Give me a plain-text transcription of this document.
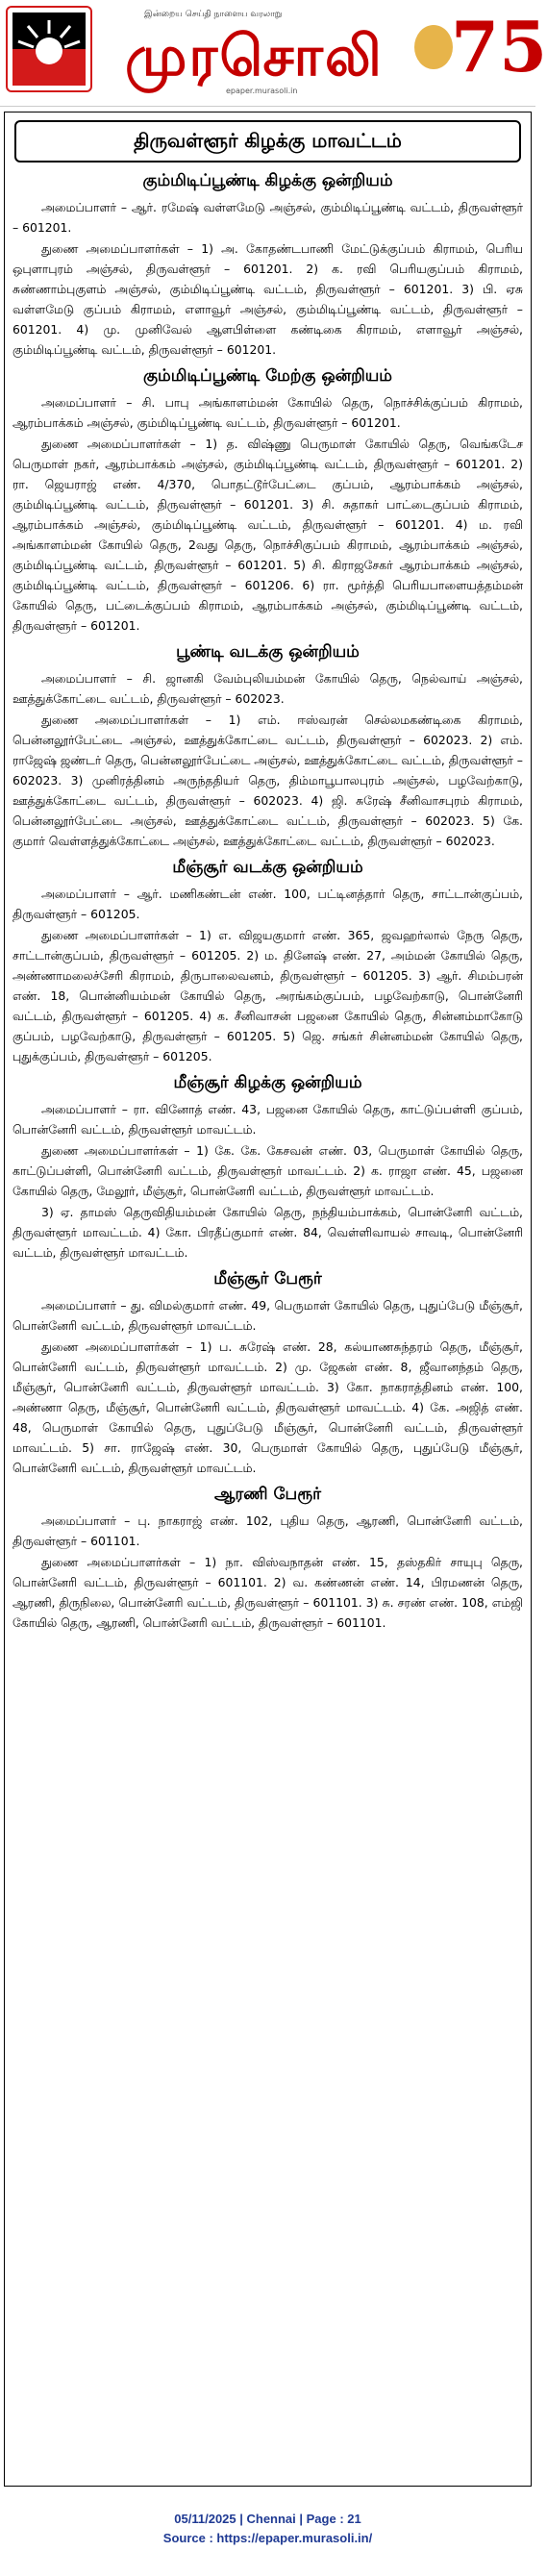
இன்றைய செய்தி நாளைய வரலாறு
முரசொலி
epaper.murasoli.in
75
திருவள்ளூர் கிழக்கு மாவட்டம்
கும்மிடிப்பூண்டி கிழக்கு ஒன்றியம்

அமைப்பாளர் – ஆர். ரமேஷ் வள்ளமேடு அஞ்சல், கும்மிடிப்பூண்டி வட்டம், திருவள்ளூர் – 601201.

துணை அமைப்பாளர்கள் – 1) அ. கோதண்டபாணி மேட்டுக்குப்பம் கிராமம், பெரிய ஒபுளாபுரம் அஞ்சல், திருவள்ளூர் – 601201. 2) க. ரவி பெரியகுப்பம் கிராமம், சுண்ணாம்புகுளம் அஞ்சல், கும்மிடிப்பூண்டி வட்டம், திருவள்ளூர் – 601201. 3) பி. ஏசு வள்ளமேடு குப்பம் கிராமம், எளாவூர் அஞ்சல், கும்மிடிப்பூண்டி வட்டம், திருவள்ளூர் – 601201. 4) மு. முனிவேல் ஆளபிள்ளை கண்டிகை கிராமம், எளாவூர் அஞ்சல், கும்மிடிப்பூண்டி வட்டம், திருவள்ளூர் – 601201.

கும்மிடிப்பூண்டி மேற்கு ஒன்றியம்

அமைப்பாளர் – சி. பாபு அங்காளம்மன் கோயில் தெரு, நொச்சிக்குப்பம் கிராமம், ஆரம்பாக்கம் அஞ்சல், கும்மிடிப்பூண்டி வட்டம், திருவள்ளூர் – 601201.

துணை அமைப்பாளர்கள் – 1) த. விஷ்ணு பெருமாள் கோயில் தெரு, வெங்கடேச பெருமாள் நகர், ஆரம்பாக்கம் அஞ்சல், கும்மிடிப்பூண்டி வட்டம், திருவள்ளூர் – 601201. 2) ரா. ஜெயராஜ் எண். 4/370, பொதட்டூர்பேட்டை குப்பம், ஆரம்பாக்கம் அஞ்சல், கும்மிடிப்பூண்டி வட்டம், திருவள்ளூர் – 601201. 3) சி. சுதாகர் பாட்டைகுப்பம் கிராமம், ஆரம்பாக்கம் அஞ்சல், கும்மிடிப்பூண்டி வட்டம், திருவள்ளூர் – 601201. 4) ம. ரவி அங்காளம்மன் கோயில் தெரு, 2வது தெரு, நொச்சிகுப்பம் கிராமம், ஆரம்பாக்கம் அஞ்சல், கும்மிடிப்பூண்டி வட்டம், திருவள்ளூர் – 601201. 5) சி. கிராஜசேகர் ஆரம்பாக்கம் அஞ்சல், கும்மிடிப்பூண்டி வட்டம், திருவள்ளூர் – 601206. 6) ரா. மூர்த்தி பெரியபாளையத்தம்மன் கோயில் தெரு, பட்டைக்குப்பம் கிராமம், ஆரம்பாக்கம் அஞ்சல், கும்மிடிப்பூண்டி வட்டம், திருவள்ளூர் – 601201.

பூண்டி வடக்கு ஒன்றியம்

அமைப்பாளர் – சி. ஜானகி வேம்புலியம்மன் கோயில் தெரு, நெல்வாய் அஞ்சல், ஊத்துக்கோட்டை வட்டம், திருவள்ளூர் – 602023.

துணை அமைப்பாளர்கள் – 1) எம். ஈஸ்வரன் செல்லமகண்டிகை கிராமம், பென்னலூர்பேட்டை அஞ்சல், ஊத்துக்கோட்டை வட்டம், திருவள்ளூர் – 602023. 2) எம். ராஜேஷ் ஜண்டர் தெரு, பென்னலூர்பேட்டை அஞ்சல், ஊத்துக்கோட்டை வட்டம், திருவள்ளூர் – 602023. 3) முனிரத்தினம் அருந்ததியர் தெரு, திம்மாபூபாலபுரம் அஞ்சல், பழவேற்காடு, ஊத்துக்கோட்டை வட்டம், திருவள்ளூர் – 602023. 4) ஜி. சுரேஷ் சீனிவாசபுரம் கிராமம், பென்னலூர்பேட்டை அஞ்சல், ஊத்துக்கோட்டை வட்டம், திருவள்ளூர் – 602023. 5) கே. குமார் வெள்ளத்துக்கோட்டை அஞ்சல், ஊத்துக்கோட்டை வட்டம், திருவள்ளூர் – 602023.

மீஞ்சூர் வடக்கு ஒன்றியம்

அமைப்பாளர் – ஆர். மணிகண்டன் எண். 100, பட்டினத்தார் தெரு, சாட்டான்குப்பம், திருவள்ளூர் – 601205.

துணை அமைப்பாளர்கள் – 1) எ. விஜயகுமார் எண். 365, ஜவஹர்லால் நேரு தெரு, சாட்டான்குப்பம், திருவள்ளூர் – 601205. 2) ம. தினேஷ் எண். 27, அம்மன் கோயில் தெரு, அண்ணாமலைச்சேரி கிராமம், திருபாலைவனம், திருவள்ளூர் – 601205. 3) ஆர். சிமம்பரன் எண். 18, பொன்னியம்மன் கோயில் தெரு, அரங்கம்குப்பம், பழவேற்காடு, பொன்னேரி வட்டம், திருவள்ளூர் – 601205. 4) க. சீனிவாசன் பஜனை கோயில் தெரு, சின்னம்மாகோடு குப்பம், பழவேற்காடு, திருவள்ளூர் – 601205. 5) ஜெ. சங்கர் சின்னம்மன் கோயில் தெரு, புதுக்குப்பம், திருவள்ளூர் – 601205.

மீஞ்சூர் கிழக்கு ஒன்றியம்

அமைப்பாளர் – ரா. வினோத் எண். 43, பஜனை கோயில் தெரு, காட்டுப்பள்ளி குப்பம், பொன்னேரி வட்டம், திருவள்ளூர் மாவட்டம்.

துணை அமைப்பாளர்கள் – 1) கே. கே. கேசவன் எண். 03, பெருமாள் கோயில் தெரு, காட்டுப்பள்ளி, பொன்னேரி வட்டம், திருவள்ளூர் மாவட்டம். 2) க. ராஜா எண். 45, பஜனை கோயில் தெரு, மேலூர், மீஞ்சூர், பொன்னேரி வட்டம், திருவள்ளூர் மாவட்டம்.

3) ஏ. தாமஸ் தெருவிதியம்மன் கோயில் தெரு, நந்தியம்பாக்கம், பொன்னேரி வட்டம், திருவள்ளூர் மாவட்டம். 4) கோ. பிரதீப்குமார் எண். 84, வெள்ளிவாயல் சாவடி, பொன்னேரி வட்டம், திருவள்ளூர் மாவட்டம்.

மீஞ்சூர் பேரூர்

அமைப்பாளர் – து. விமல்குமார் எண். 49, பெருமாள் கோயில் தெரு, புதுப்பேடு மீஞ்சூர், பொன்னேரி வட்டம், திருவள்ளூர் மாவட்டம்.

துணை அமைப்பாளர்கள் – 1) ப. சுரேஷ் எண். 28, கல்யாணசுந்தரம் தெரு, மீஞ்சூர், பொன்னேரி வட்டம், திருவள்ளூர் மாவட்டம். 2) மு. ஜேகன் எண். 8, ஜீவானந்தம் தெரு, மீஞ்சூர், பொன்னேரி வட்டம், திருவள்ளூர் மாவட்டம். 3) கோ. நாகராத்தினம் எண். 100, அண்ணா தெரு, மீஞ்சூர், பொன்னேரி வட்டம், திருவள்ளூர் மாவட்டம். 4) கே. அஜித் எண். 48, பெருமாள் கோயில் தெரு, புதுப்பேடு மீஞ்சூர், பொன்னேரி வட்டம், திருவள்ளூர் மாவட்டம். 5) சா. ராஜேஷ் எண். 30, பெருமாள் கோயில் தெரு, புதுப்பேடு மீஞ்சூர், பொன்னேரி வட்டம், திருவள்ளூர் மாவட்டம்.

ஆரணி பேரூர்

அமைப்பாளர் – பு. நாகராஜ் எண். 102, புதிய தெரு, ஆரணி, பொன்னேரி வட்டம், திருவள்ளூர் – 601101.

துணை அமைப்பாளர்கள் – 1) நா. விஸ்வநாதன் எண். 15, தஸ்தகிர் சாயுபு தெரு, பொன்னேரி வட்டம், திருவள்ளூர் – 601101. 2) வ. கண்ணன் எண். 14, பிரமணன் தெரு, ஆரணி, திருநிலை, பொன்னேரி வட்டம், திருவள்ளூர் – 601101. 3) சு. சரண் எண். 108, எம்ஜி கோயில் தெரு, ஆரணி, பொன்னேரி வட்டம், திருவள்ளூர் – 601101.

05/11/2025 | Chennai | Page : 21
Source : https://epaper.murasoli.in/
